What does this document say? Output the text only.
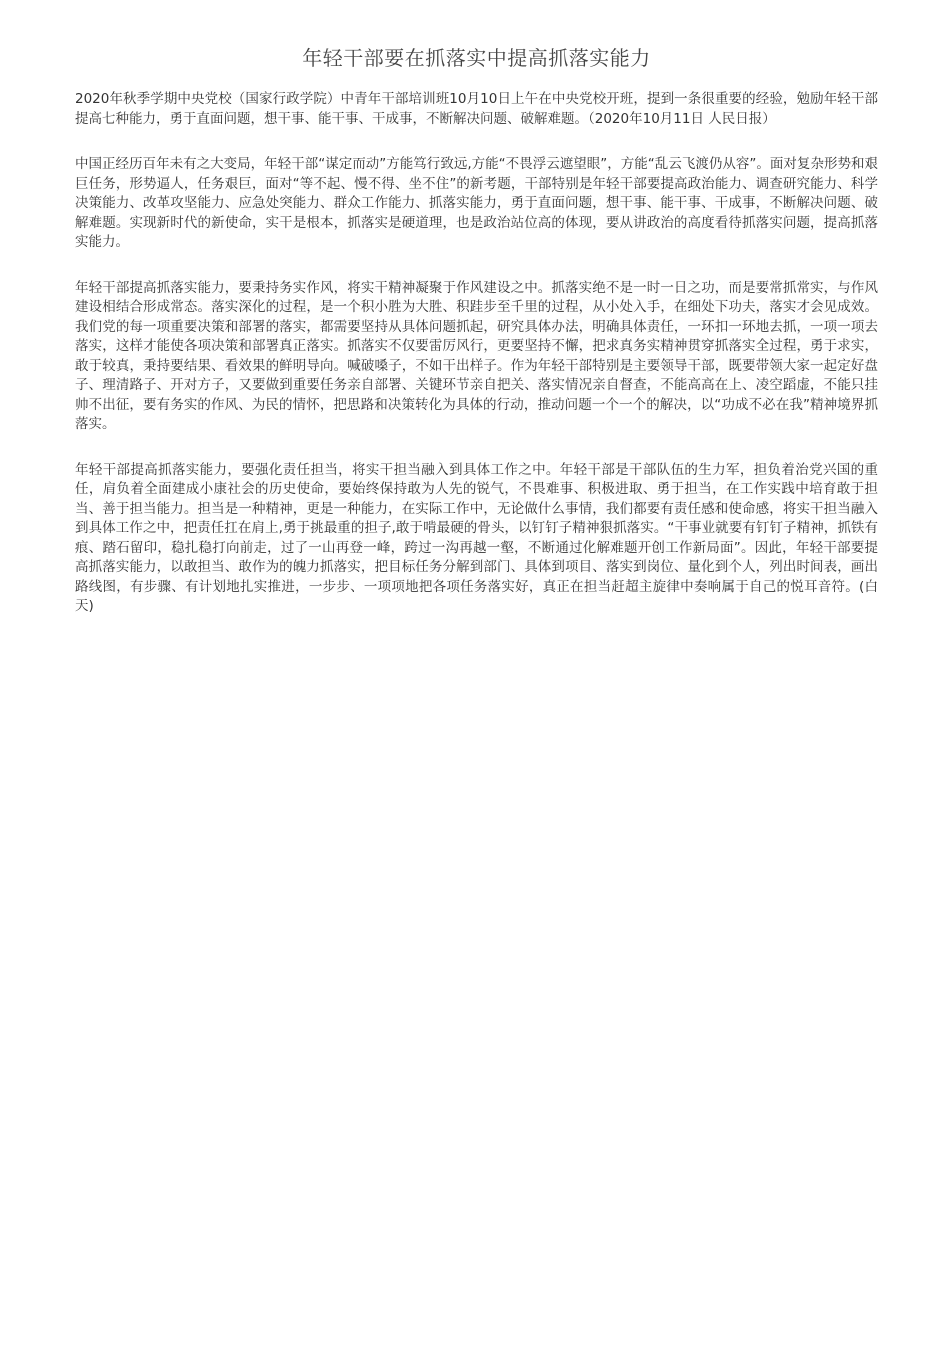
年轻干部要在抓落实中提高抓落实能力

2020年秋季学期中央党校（国家行政学院）中青年干部培训班10月10日上午在中央党校开班，提到一条很重要的经验，勉励年轻干部提高七种能力，勇于直面问题，想干事、能干事、干成事，不断解决问题、破解难题。（2020年10月11日 人民日报）

中国正经历百年未有之大变局，年轻干部“谋定而动”方能笃行致远,方能“不畏浮云遮望眼”，方能“乱云飞渡仍从容”。面对复杂形势和艰巨任务，形势逼人，任务艰巨，面对“等不起、慢不得、坐不住”的新考题，干部特别是年轻干部要提高政治能力、调查研究能力、科学决策能力、改革攻坚能力、应急处突能力、群众工作能力、抓落实能力，勇于直面问题，想干事、能干事、干成事，不断解决问题、破解难题。实现新时代的新使命，实干是根本，抓落实是硬道理，也是政治站位高的体现，要从讲政治的高度看待抓落实问题，提高抓落实能力。

年轻干部提高抓落实能力，要秉持务实作风，将实干精神凝聚于作风建设之中。抓落实绝不是一时一日之功，而是要常抓常实，与作风建设相结合形成常态。落实深化的过程，是一个积小胜为大胜、积跬步至千里的过程，从小处入手，在细处下功夫，落实才会见成效。我们党的每一项重要决策和部署的落实，都需要坚持从具体问题抓起，研究具体办法，明确具体责任，一环扣一环地去抓，一项一项去落实，这样才能使各项决策和部署真正落实。抓落实不仅要雷厉风行，更要坚持不懈，把求真务实精神贯穿抓落实全过程，勇于求实，敢于较真，秉持要结果、看效果的鲜明导向。喊破嗓子，不如干出样子。作为年轻干部特别是主要领导干部，既要带领大家一起定好盘子、理清路子、开对方子，又要做到重要任务亲自部署、关键环节亲自把关、落实情况亲自督查，不能高高在上、凌空蹈虚，不能只挂帅不出征，要有务实的作风、为民的情怀，把思路和决策转化为具体的行动，推动问题一个一个的解决，以“功成不必在我”精神境界抓落实。

年轻干部提高抓落实能力，要强化责任担当，将实干担当融入到具体工作之中。年轻干部是干部队伍的生力军，担负着治党兴国的重任，肩负着全面建成小康社会的历史使命，要始终保持敢为人先的锐气，不畏难事、积极进取、勇于担当，在工作实践中培育敢于担当、善于担当能力。担当是一种精神，更是一种能力，在实际工作中，无论做什么事情，我们都要有责任感和使命感，将实干担当融入到具体工作之中，把责任扛在肩上,勇于挑最重的担子,敢于啃最硬的骨头，以钉钉子精神狠抓落实。“干事业就要有钉钉子精神，抓铁有痕、踏石留印，稳扎稳打向前走，过了一山再登一峰，跨过一沟再越一壑，不断通过化解难题开创工作新局面”。因此，年轻干部要提高抓落实能力，以敢担当、敢作为的魄力抓落实，把目标任务分解到部门、具体到项目、落实到岗位、量化到个人，列出时间表，画出路线图，有步骤、有计划地扎实推进，一步步、一项项地把各项任务落实好，真正在担当赶超主旋律中奏响属于自己的悦耳音符。(白天)
